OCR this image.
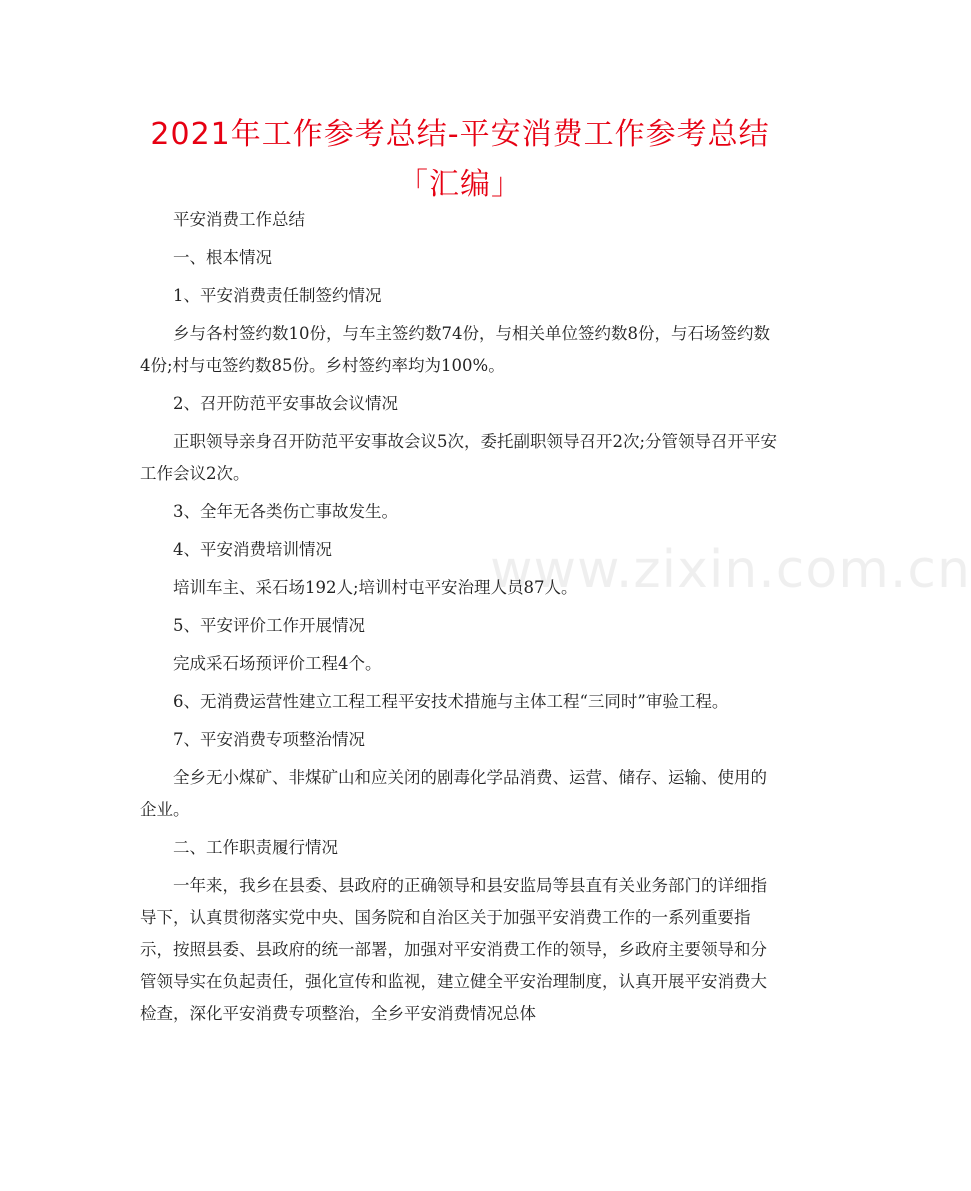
2021年工作参考总结-平安消费工作参考总结「汇编」
www.zixin.com.cn

平安消费工作总结

一、根本情况

1、平安消费责任制签约情况

乡与各村签约数10份，与车主签约数74份，与相关单位签约数8份，与石场签约数4份;村与屯签约数85份。乡村签约率均为100%。

2、召开防范平安事故会议情况

正职领导亲身召开防范平安事故会议5次，委托副职领导召开2次;分管领导召开平安工作会议2次。

3、全年无各类伤亡事故发生。

4、平安消费培训情况

培训车主、采石场192人;培训村屯平安治理人员87人。

5、平安评价工作开展情况

完成采石场预评价工程4个。

6、无消费运营性建立工程工程平安技术措施与主体工程“三同时”审验工程。

7、平安消费专项整治情况

全乡无小煤矿、非煤矿山和应关闭的剧毒化学品消费、运营、储存、运输、使用的企业。

二、工作职责履行情况

一年来，我乡在县委、县政府的正确领导和县安监局等县直有关业务部门的详细指导下，认真贯彻落实党中央、国务院和自治区关于加强平安消费工作的一系列重要指示，按照县委、县政府的统一部署，加强对平安消费工作的领导，乡政府主要领导和分管领导实在负起责任，强化宣传和监视，建立健全平安治理制度，认真开展平安消费大检查，深化平安消费专项整治，全乡平安消费情况总体
